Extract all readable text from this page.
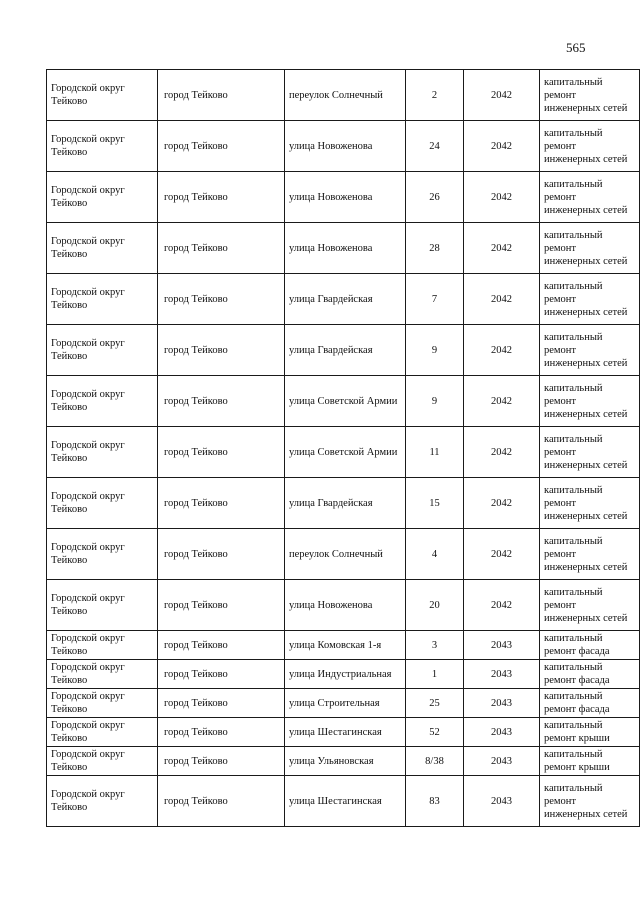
565
Городской округ Тейково	город Тейково	переулок Солнечный	2	2042	капитальный ремонт инженерных сетей
Городской округ Тейково	город Тейково	улица Новоженова	24	2042	капитальный ремонт инженерных сетей
Городской округ Тейково	город Тейково	улица Новоженова	26	2042	капитальный ремонт инженерных сетей
Городской округ Тейково	город Тейково	улица Новоженова	28	2042	капитальный ремонт инженерных сетей
Городской округ Тейково	город Тейково	улица Гвардейская	7	2042	капитальный ремонт инженерных сетей
Городской округ Тейково	город Тейково	улица Гвардейская	9	2042	капитальный ремонт инженерных сетей
Городской округ Тейково	город Тейково	улица Советской Армии	9	2042	капитальный ремонт инженерных сетей
Городской округ Тейково	город Тейково	улица Советской Армии	11	2042	капитальный ремонт инженерных сетей
Городской округ Тейково	город Тейково	улица Гвардейская	15	2042	капитальный ремонт инженерных сетей
Городской округ Тейково	город Тейково	переулок Солнечный	4	2042	капитальный ремонт инженерных сетей
Городской округ Тейково	город Тейково	улица Новоженова	20	2042	капитальный ремонт инженерных сетей
Городской округ Тейково	город Тейково	улица Комовская 1-я	3	2043	капитальный ремонт фасада
Городской округ Тейково	город Тейково	улица Индустриальная	1	2043	капитальный ремонт фасада
Городской округ Тейково	город Тейково	улица Строительная	25	2043	капитальный ремонт фасада
Городской округ Тейково	город Тейково	улица Шестагинская	52	2043	капитальный ремонт крыши
Городской округ Тейково	город Тейково	улица Ульяновская	8/38	2043	капитальный ремонт крыши
Городской округ Тейково	город Тейково	улица Шестагинская	83	2043	капитальный ремонт инженерных сетей
